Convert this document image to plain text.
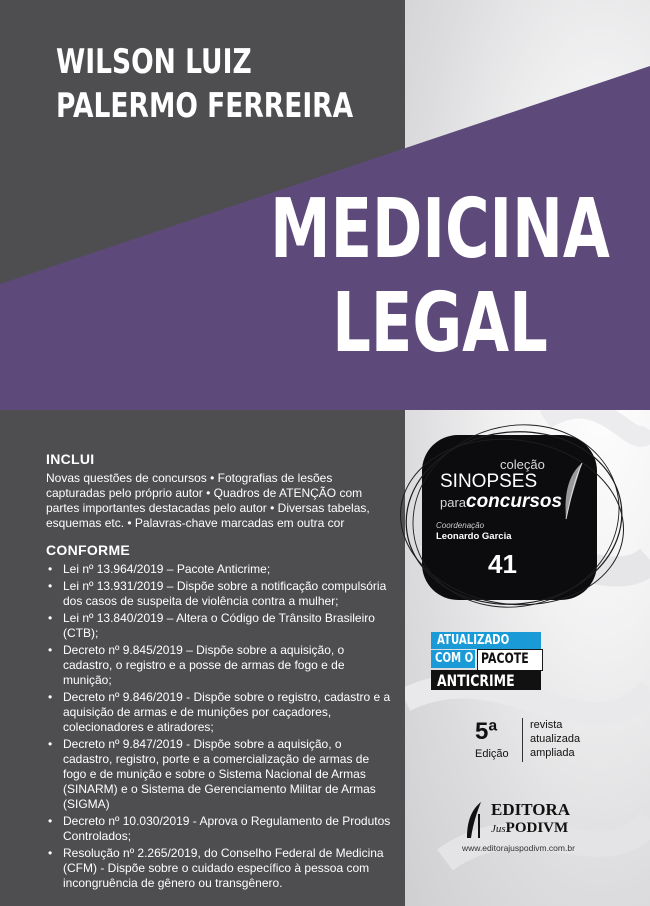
WILSON LUIZ
PALERMO FERREIRA
MEDICINA
LEGAL
INCLUI
Novas questões de concursos • Fotografias de lesões capturadas pelo próprio autor • Quadros de ATENÇÃO com partes importantes destacadas pelo autor • Diversas tabelas, esquemas etc. • Palavras-chave marcadas em outra cor
CONFORME
• Lei nº 13.964/2019 – Pacote Anticrime;
• Lei nº 13.931/2019 – Dispõe sobre a notificação compulsória dos casos de suspeita de violência contra a mulher;
• Lei nº 13.840/2019 – Altera o Código de Trânsito Brasileiro (CTB);
• Decreto nº 9.845/2019 – Dispõe sobre a aquisição, o cadastro, o registro e a posse de armas de fogo e de munição;
• Decreto nº 9.846/2019 - Dispõe sobre o registro, cadastro e a aquisição de armas e de munições por caçadores, colecionadores e atiradores;
• Decreto nº 9.847/2019 - Dispõe sobre a aquisição, o cadastro, registro, porte e a comercialização de armas de fogo e de munição e sobre o Sistema Nacional de Armas (SINARM) e o Sistema de Gerenciamento Militar de Armas (SIGMA)
• Decreto nº 10.030/2019 - Aprova o Regulamento de Produtos Controlados;
• Resolução nº 2.265/2019, do Conselho Federal de Medicina (CFM) - Dispõe sobre o cuidado específico à pessoa com incongruência de gênero ou transgênero.
coleção
SINOPSES
para concursos
Coordenação
Leonardo Garcia
41
ATUALIZADO
COM O PACOTE
ANTICRIME
5ª
Edição
revista
atualizada
ampliada
EDITORA
JusPODIVM
www.editorajuspodivm.com.br
